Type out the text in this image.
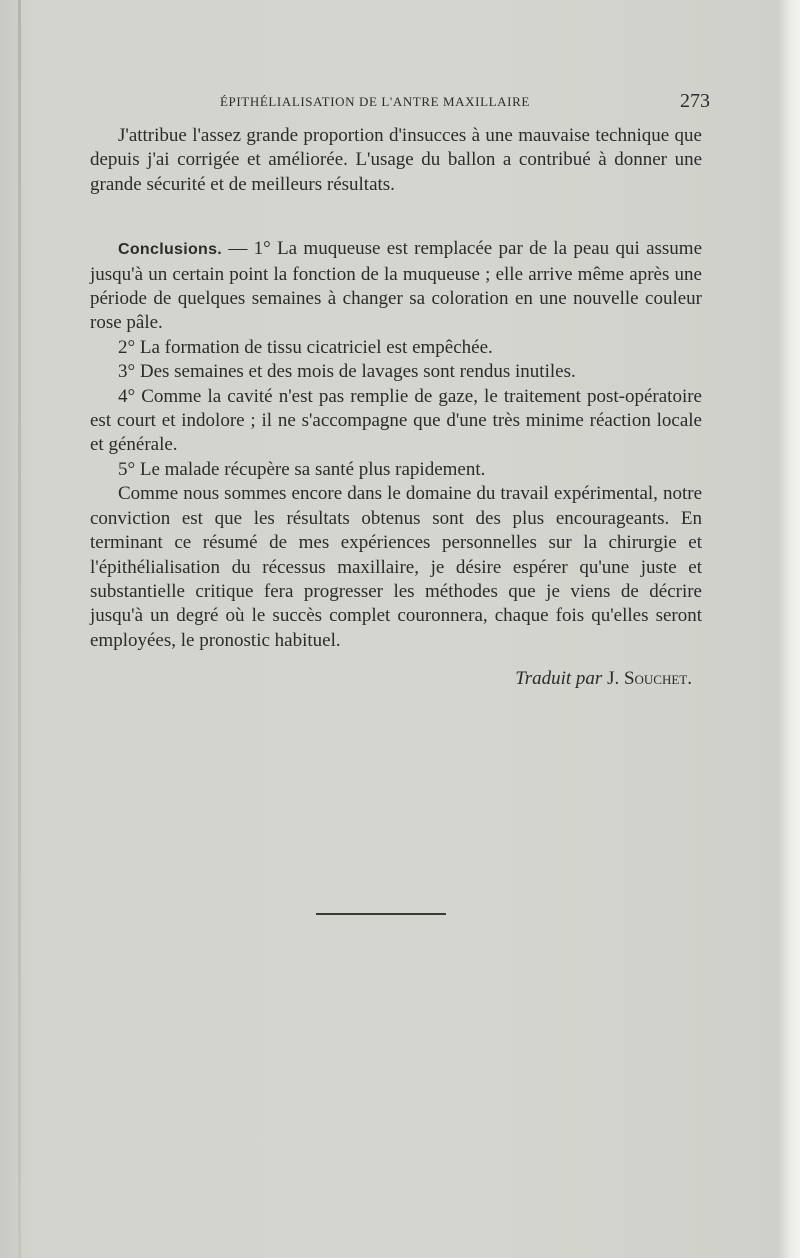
ÉPITHÉLIALISATION DE L'ANTRE MAXILLAIRE	273

J'attribue l'assez grande proportion d'insucces à une mauvaise technique que depuis j'ai corrigée et améliorée. L'usage du ballon a contribué à donner une grande sécurité et de meilleurs résultats.

Conclusions. — 1° La muqueuse est remplacée par de la peau qui assume jusqu'à un certain point la fonction de la muqueuse ; elle arrive même après une période de quelques semaines à changer sa coloration en une nouvelle couleur rose pâle.

2° La formation de tissu cicatriciel est empêchée.

3° Des semaines et des mois de lavages sont rendus inutiles.

4° Comme la cavité n'est pas remplie de gaze, le traitement post-opératoire est court et indolore ; il ne s'accompagne que d'une très minime réaction locale et générale.

5° Le malade récupère sa santé plus rapidement.

Comme nous sommes encore dans le domaine du travail expérimental, notre conviction est que les résultats obtenus sont des plus encourageants. En terminant ce résumé de mes expériences personnelles sur la chirurgie et l'épithélialisation du récessus maxillaire, je désire espérer qu'une juste et substantielle critique fera progresser les méthodes que je viens de décrire jusqu'à un degré où le succès complet couronnera, chaque fois qu'elles seront employées, le pronostic habituel.

Traduit par J. Souchet.
